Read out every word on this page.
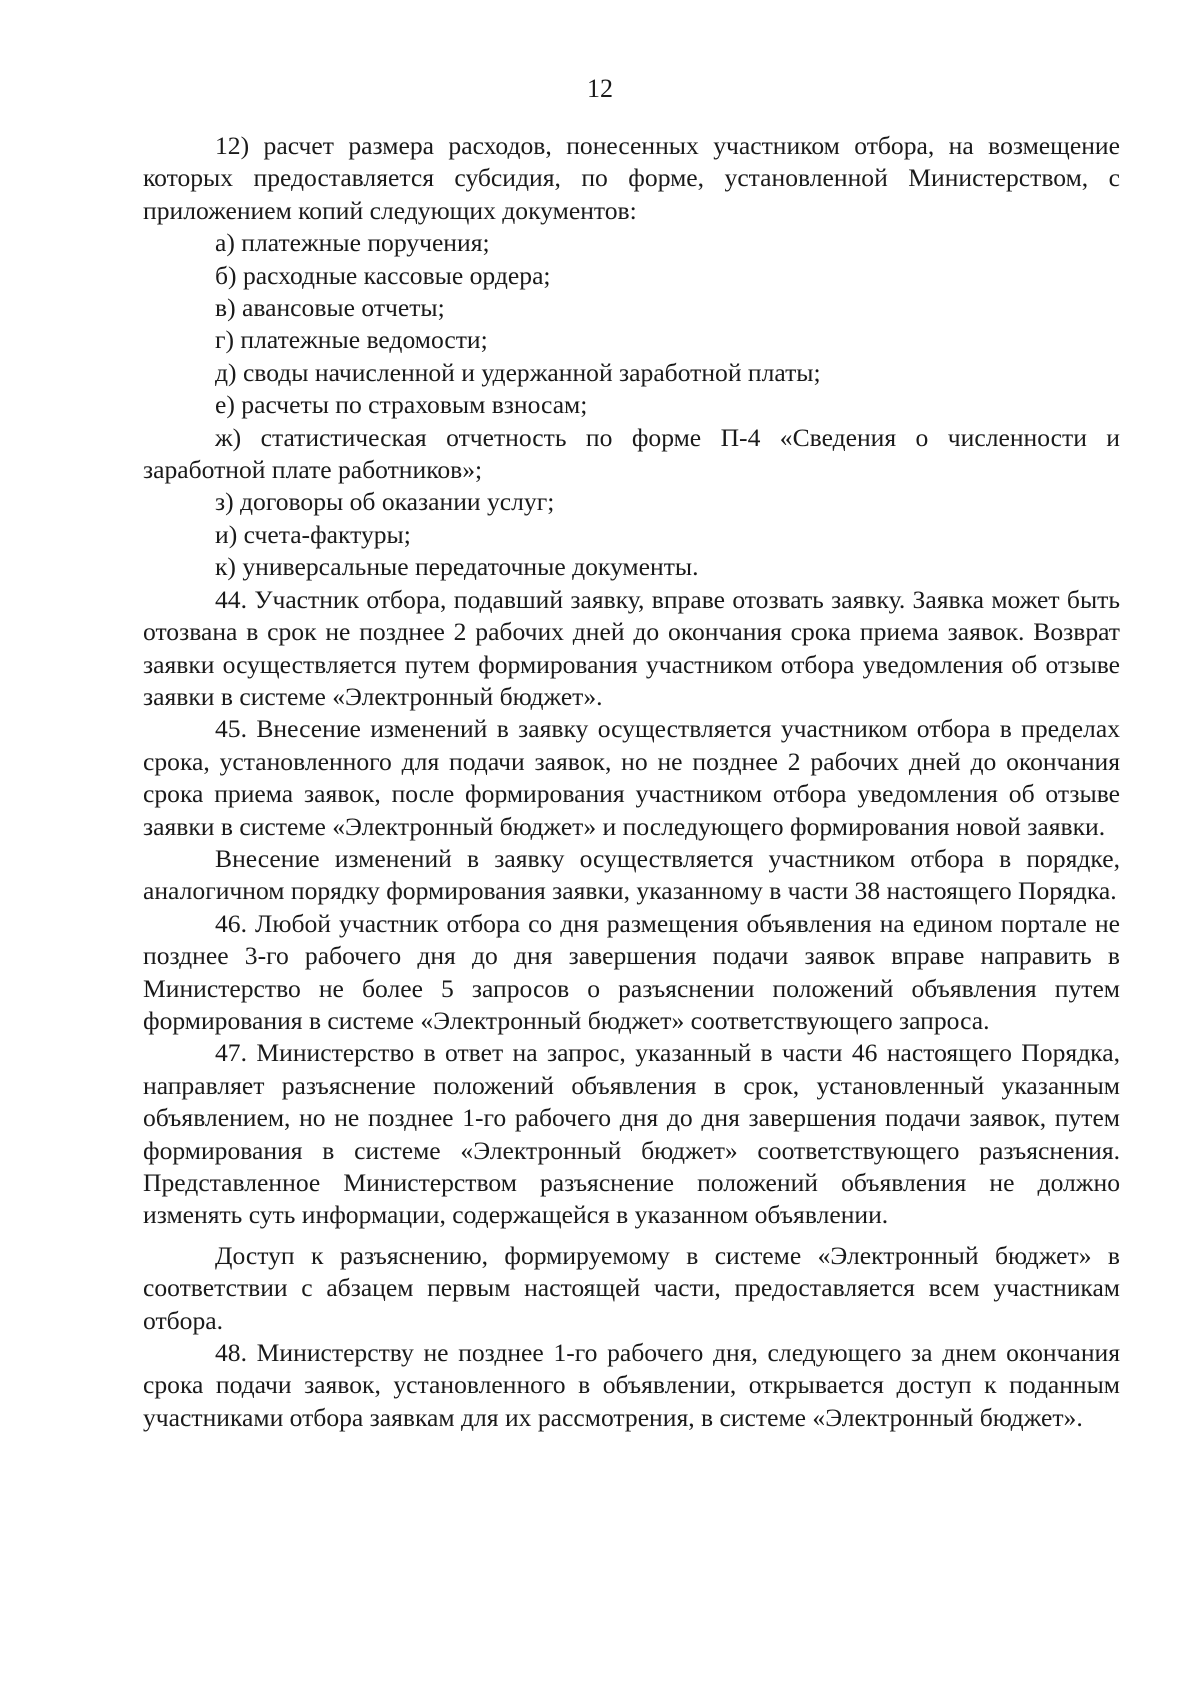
12

12) расчет размера расходов, понесенных участником отбора, на возмещение которых предоставляется субсидия, по форме, установленной Министерством, с приложением копий следующих документов:

а) платежные поручения;

б) расходные кассовые ордера;

в) авансовые отчеты;

г) платежные ведомости;

д) своды начисленной и удержанной заработной платы;

е) расчеты по страховым взносам;

ж) статистическая отчетность по форме П-4 «Сведения о численности и заработной плате работников»;

з) договоры об оказании услуг;

и) счета-фактуры;

к) универсальные передаточные документы.

44. Участник отбора, подавший заявку, вправе отозвать заявку. Заявка может быть отозвана в срок не позднее 2 рабочих дней до окончания срока приема заявок. Возврат заявки осуществляется путем формирования участником отбора уведомления об отзыве заявки в системе «Электронный бюджет».

45. Внесение изменений в заявку осуществляется участником отбора в пределах срока, установленного для подачи заявок, но не позднее 2 рабочих дней до окончания срока приема заявок, после формирования участником отбора уведомления об отзыве заявки в системе «Электронный бюджет» и последующего формирования новой заявки.

Внесение изменений в заявку осуществляется участником отбора в порядке, аналогичном порядку формирования заявки, указанному в части 38 настоящего Порядка.

46. Любой участник отбора со дня размещения объявления на едином портале не позднее 3-го рабочего дня до дня завершения подачи заявок вправе направить в Министерство не более 5 запросов о разъяснении положений объявления путем формирования в системе «Электронный бюджет» соответствующего запроса.

47. Министерство в ответ на запрос, указанный в части 46 настоящего Порядка, направляет разъяснение положений объявления в срок, установленный указанным объявлением, но не позднее 1-го рабочего дня до дня завершения подачи заявок, путем формирования в системе «Электронный бюджет» соответствующего разъяснения. Представленное Министерством разъяснение положений объявления не должно изменять суть информации, содержащейся в указанном объявлении.

Доступ к разъяснению, формируемому в системе «Электронный бюджет» в соответствии с абзацем первым настоящей части, предоставляется всем участникам отбора.

48. Министерству не позднее 1-го рабочего дня, следующего за днем окончания срока подачи заявок, установленного в объявлении, открывается доступ к поданным участниками отбора заявкам для их рассмотрения, в системе «Электронный бюджет».
